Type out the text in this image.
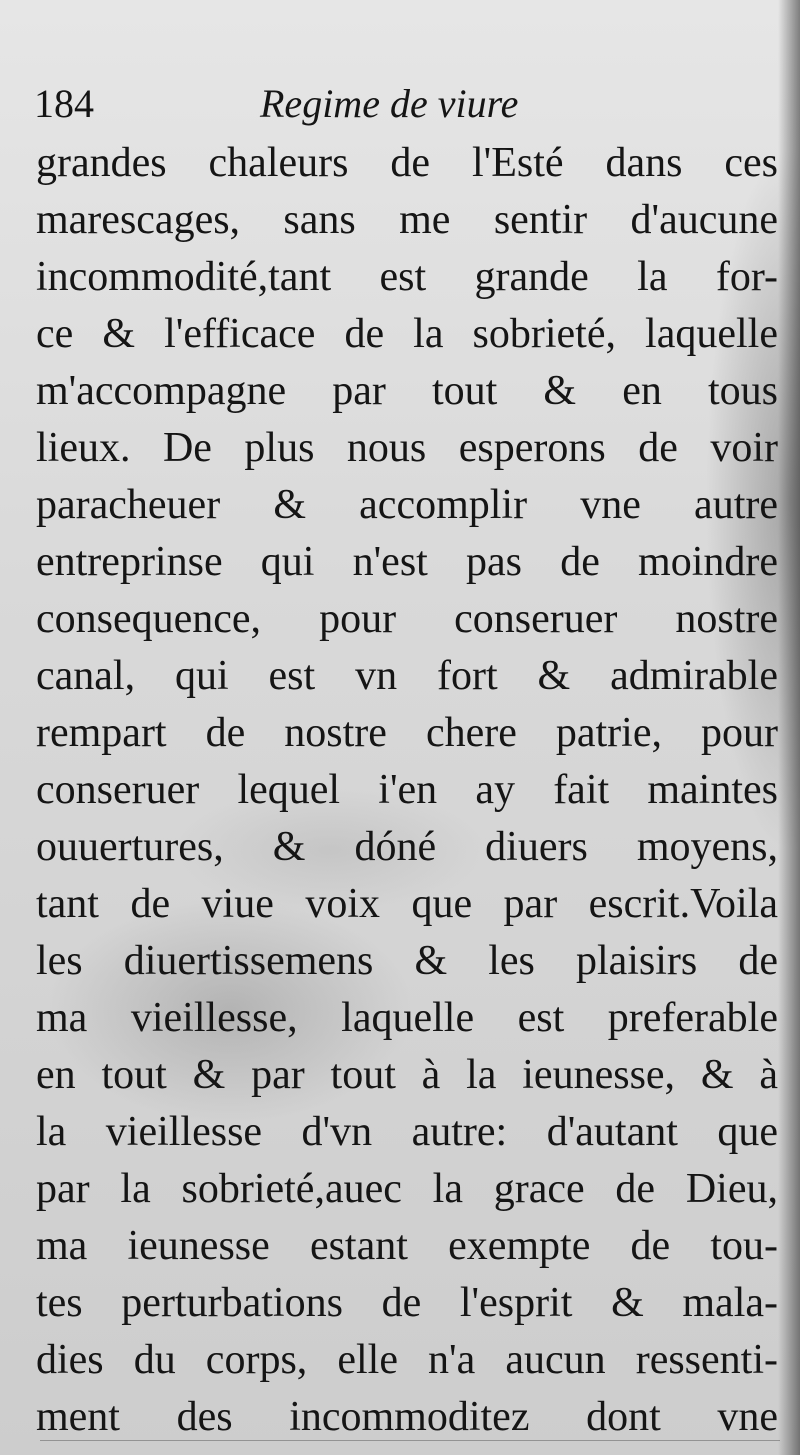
184	Regime de viure
grandes chaleurs de l'Esté dans ces
marescages, sans me sentir d'aucune
incommodité,tant est grande la for-
ce & l'efficace de la sobrieté, laquelle
m'accompagne par tout & en tous
lieux. De plus nous esperons de voir
paracheuer & accomplir vne autre
entreprinse qui n'est pas de moindre
consequence, pour conseruer nostre
canal, qui est vn fort & admirable
rempart de nostre chere patrie, pour
conseruer lequel i'en ay fait maintes
ouuertures, & dóné diuers moyens,
tant de viue voix que par escrit.Voila
les diuertissemens & les plaisirs de
ma vieillesse, laquelle est preferable
en tout & par tout à la ieunesse, & à
la vieillesse d'vn autre: d'autant que
par la sobrieté,auec la grace de Dieu,
ma ieunesse estant exempte de tou-
tes perturbations de l'esprit & mala-
dies du corps, elle n'a aucun ressenti-
ment des incommoditez dont vne
